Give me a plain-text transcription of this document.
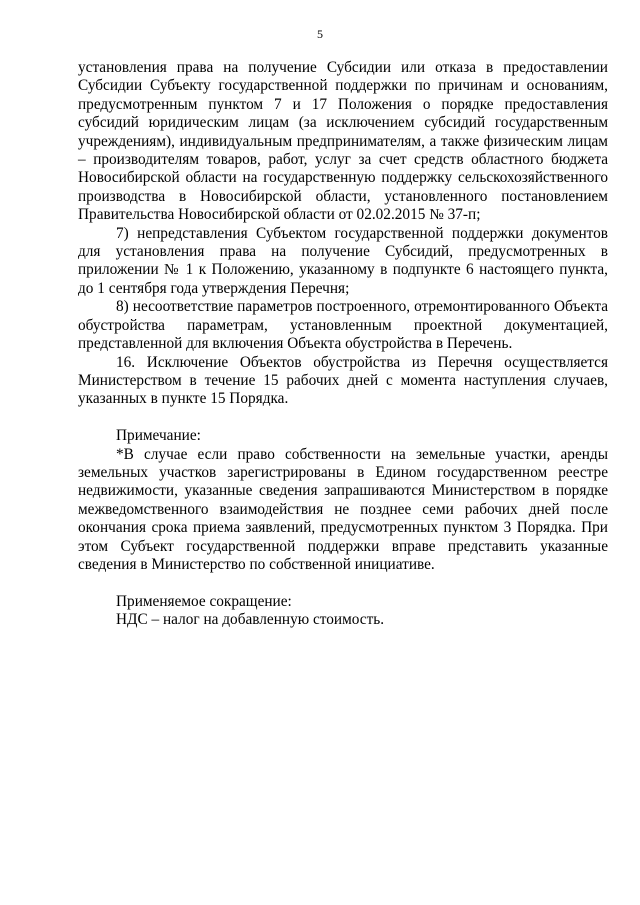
5

установления права на получение Субсидии или отказа в предоставлении Субсидии Субъекту государственной поддержки по причинам и основаниям, предусмотренным пунктом 7 и 17 Положения о порядке предоставления субсидий юридическим лицам (за исключением субсидий государственным учреждениям), индивидуальным предпринимателям, а также физическим лицам – производителям товаров, работ, услуг за счет средств областного бюджета Новосибирской области на государственную поддержку сельскохозяйственного производства в Новосибирской области, установленного постановлением Правительства Новосибирской области от 02.02.2015 № 37-п;

7) непредставления Субъектом государственной поддержки документов для установления права на получение Субсидий, предусмотренных в приложении № 1 к Положению, указанному в подпункте 6 настоящего пункта, до 1 сентября года утверждения Перечня;

8) несоответствие параметров построенного, отремонтированного Объекта обустройства параметрам, установленным проектной документацией, представленной для включения Объекта обустройства в Перечень.

16. Исключение Объектов обустройства из Перечня осуществляется Министерством в течение 15 рабочих дней с момента наступления случаев, указанных в пункте 15 Порядка.

Примечание:

*В случае если право собственности на земельные участки, аренды земельных участков зарегистрированы в Едином государственном реестре недвижимости, указанные сведения запрашиваются Министерством в порядке межведомственного взаимодействия не позднее семи рабочих дней после окончания срока приема заявлений, предусмотренных пунктом 3 Порядка. При этом Субъект государственной поддержки вправе представить указанные сведения в Министерство по собственной инициативе.

Применяемое сокращение:

НДС – налог на добавленную стоимость.
